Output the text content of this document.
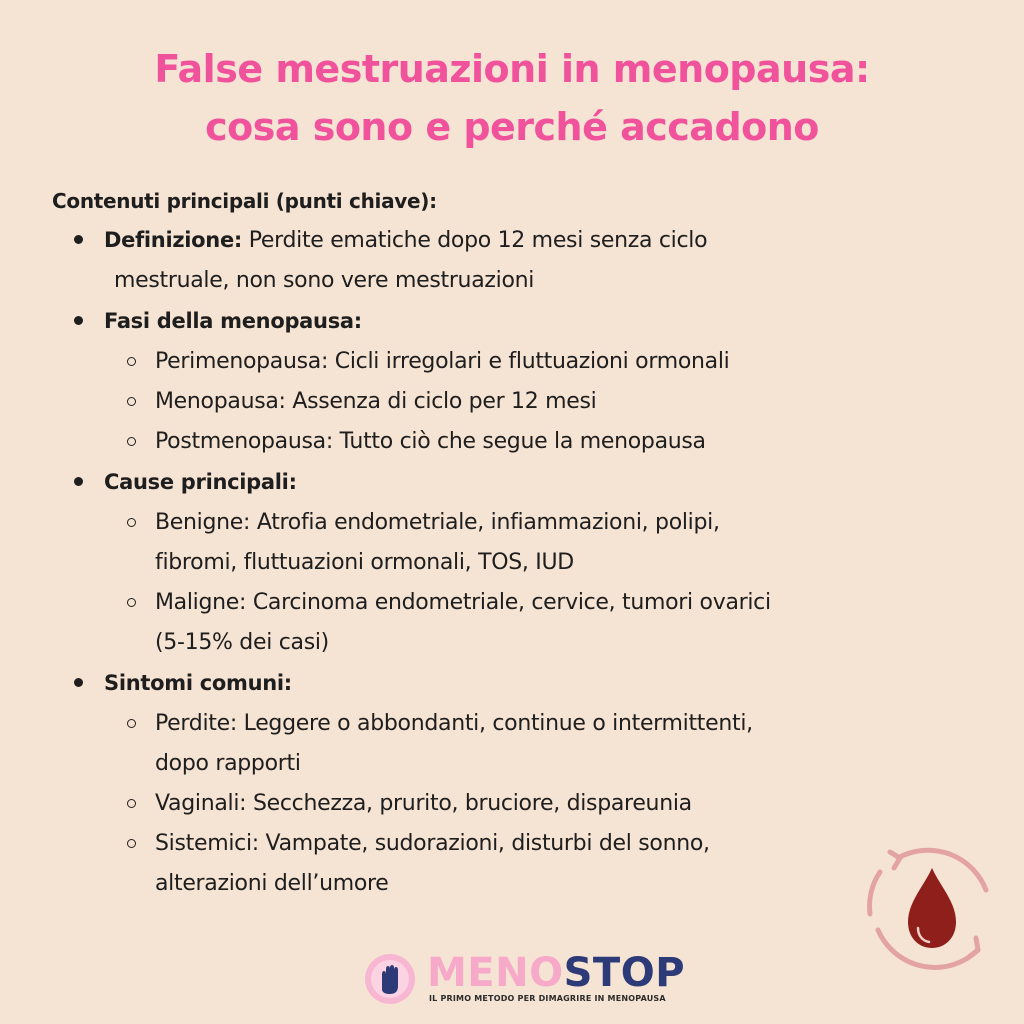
False mestruazioni in menopausa:
cosa sono e perché accadono
Contenuti principali (punti chiave):
Definizione: Perdite ematiche dopo 12 mesi senza ciclo
mestruale, non sono vere mestruazioni
Fasi della menopausa:
Perimenopausa: Cicli irregolari e fluttuazioni ormonali
Menopausa: Assenza di ciclo per 12 mesi
Postmenopausa: Tutto ciò che segue la menopausa
Cause principali:
Benigne: Atrofia endometriale, infiammazioni, polipi,
fibromi, fluttuazioni ormonali, TOS, IUD
Maligne: Carcinoma endometriale, cervice, tumori ovarici
(5-15% dei casi)
Sintomi comuni:
Perdite: Leggere o abbondanti, continue o intermittenti,
dopo rapporti
Vaginali: Secchezza, prurito, bruciore, dispareunia
Sistemici: Vampate, sudorazioni, disturbi del sonno,
alterazioni dell’umore
MENOSTOP
IL PRIMO METODO PER DIMAGRIRE IN MENOPAUSA
